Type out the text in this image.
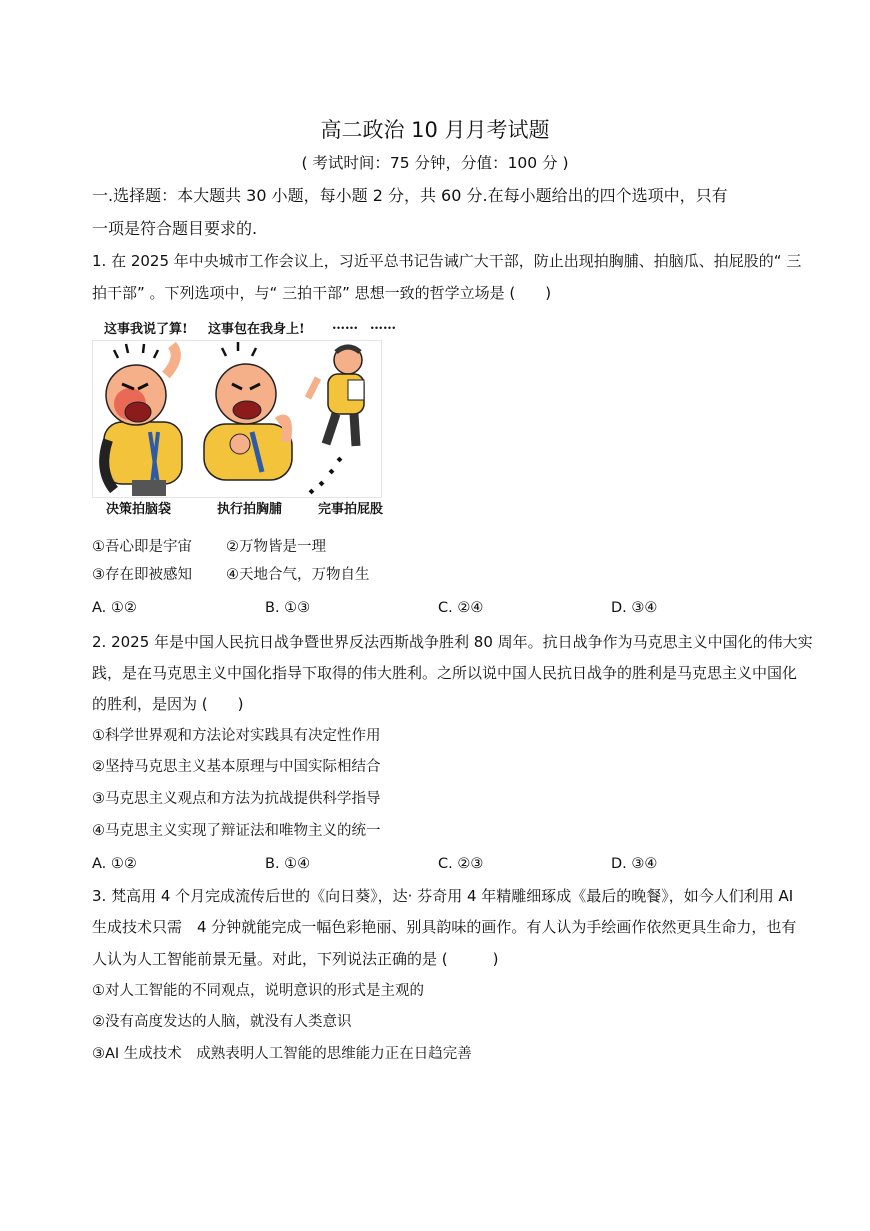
高二政治 10 月月考试题
( 考试时间：75 分钟，分值：100 分 )
一.选择题：本大题共 30 小题，每小题 2 分，共 60 分.在每小题给出的四个选项中，只有
一项是符合题目要求的.
1. 在 2025 年中央城市工作会议上，习近平总书记告诫广大干部，防止出现拍胸脯、拍脑瓜、拍屁股的“ 三
拍干部” 。下列选项中，与“ 三拍干部” 思想一致的哲学立场是 (　　)
这事我说了算! 这事包在我身上! …… ……
决策拍脑袋	执行拍胸脯	完事拍屁股
①吾心即是宇宙 ②万物皆是一理
③存在即被感知 ④天地合气，万物自生
A. ①②	B. ①③	C. ②④	D. ③④
2. 2025 年是中国人民抗日战争暨世界反法西斯战争胜利 80 周年。抗日战争作为马克思主义中国化的伟大实
践，是在马克思主义中国化指导下取得的伟大胜利。之所以说中国人民抗日战争的胜利是马克思主义中国化
的胜利，是因为 (　　)
①科学世界观和方法论对实践具有决定性作用
②坚持马克思主义基本原理与中国实际相结合
③马克思主义观点和方法为抗战提供科学指导
④马克思主义实现了辩证法和唯物主义的统一
A. ①②	B. ①④	C. ②③	D. ③④
3. 梵高用 4 个月完成流传后世的《向日葵》，达· 芬奇用 4 年精雕细琢成《最后的晚餐》，如今人们利用 AI
生成技术只需　4 分钟就能完成一幅色彩艳丽、别具韵味的画作。有人认为手绘画作依然更具生命力，也有
人认为人工智能前景无量。对此，下列说法正确的是 (　　　)
①对人工智能的不同观点，说明意识的形式是主观的
②没有高度发达的人脑，就没有人类意识
③AI 生成技术　成熟表明人工智能的思维能力正在日趋完善
